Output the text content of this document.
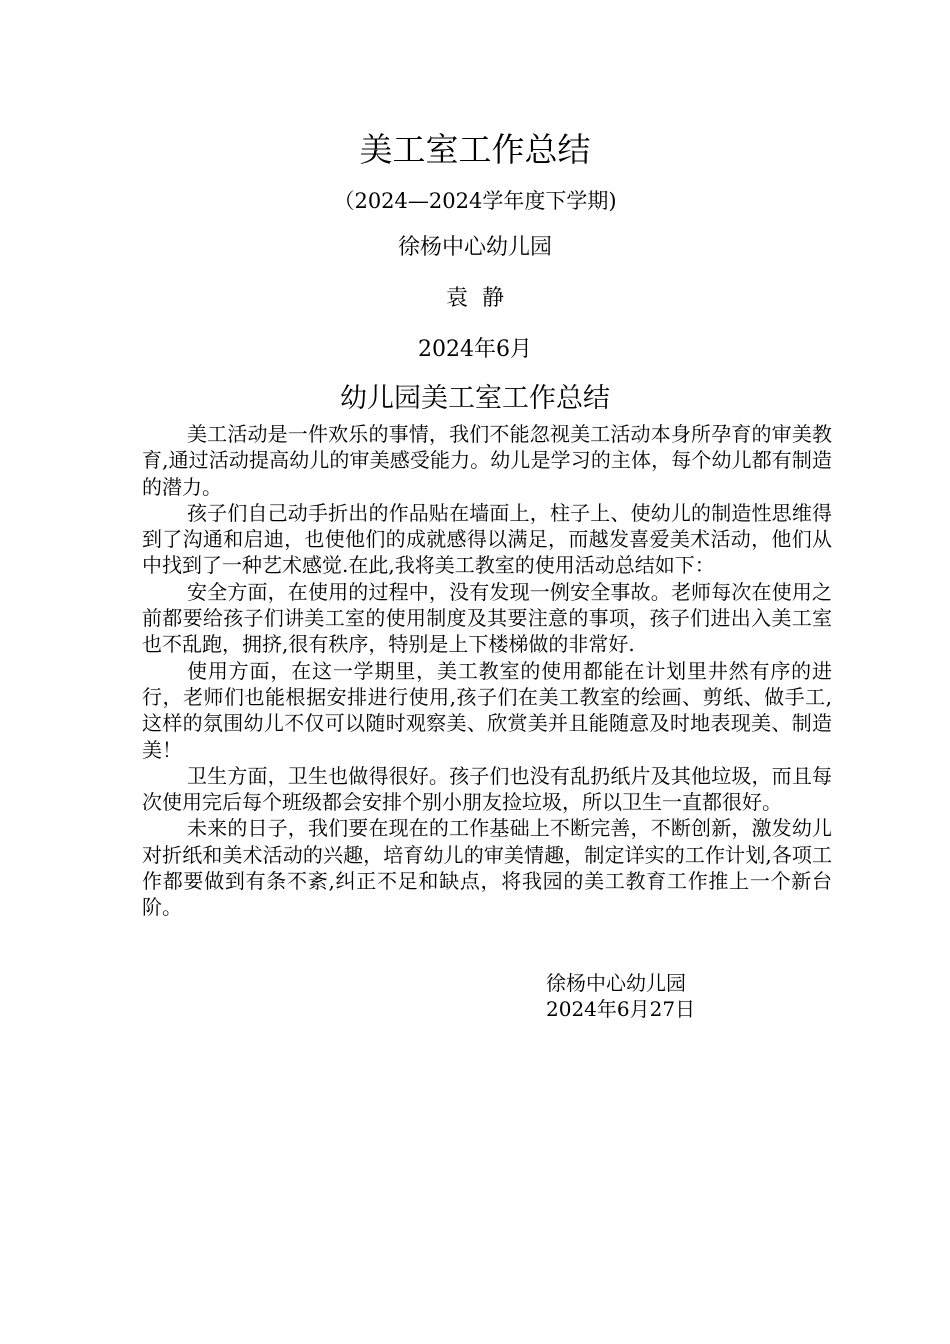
美工室工作总结
（2024—2024学年度下学期)
徐杨中心幼儿园
袁静
2024年6月
幼儿园美工室工作总结

美工活动是一件欢乐的事情，我们不能忽视美工活动本身所孕育的审美教育,通过活动提高幼儿的审美感受能力。幼儿是学习的主体，每个幼儿都有制造的潜力。

孩子们自己动手折出的作品贴在墙面上，柱子上、使幼儿的制造性思维得到了沟通和启迪，也使他们的成就感得以满足，而越发喜爱美术活动，他们从中找到了一种艺术感觉.在此,我将美工教室的使用活动总结如下：

安全方面，在使用的过程中，没有发现一例安全事故。老师每次在使用之前都要给孩子们讲美工室的使用制度及其要注意的事项，孩子们进出入美工室也不乱跑，拥挤,很有秩序，特别是上下楼梯做的非常好.

使用方面，在这一学期里，美工教室的使用都能在计划里井然有序的进行，老师们也能根据安排进行使用,孩子们在美工教室的绘画、剪纸、做手工,这样的氛围幼儿不仅可以随时观察美、欣赏美并且能随意及时地表现美、制造美！

卫生方面，卫生也做得很好。孩子们也没有乱扔纸片及其他垃圾，而且每次使用完后每个班级都会安排个别小朋友捡垃圾，所以卫生一直都很好。

未来的日子，我们要在现在的工作基础上不断完善，不断创新，激发幼儿对折纸和美术活动的兴趣，培育幼儿的审美情趣，制定详实的工作计划,各项工作都要做到有条不紊,纠正不足和缺点，将我园的美工教育工作推上一个新台阶。

徐杨中心幼儿园
2024年6月27日
